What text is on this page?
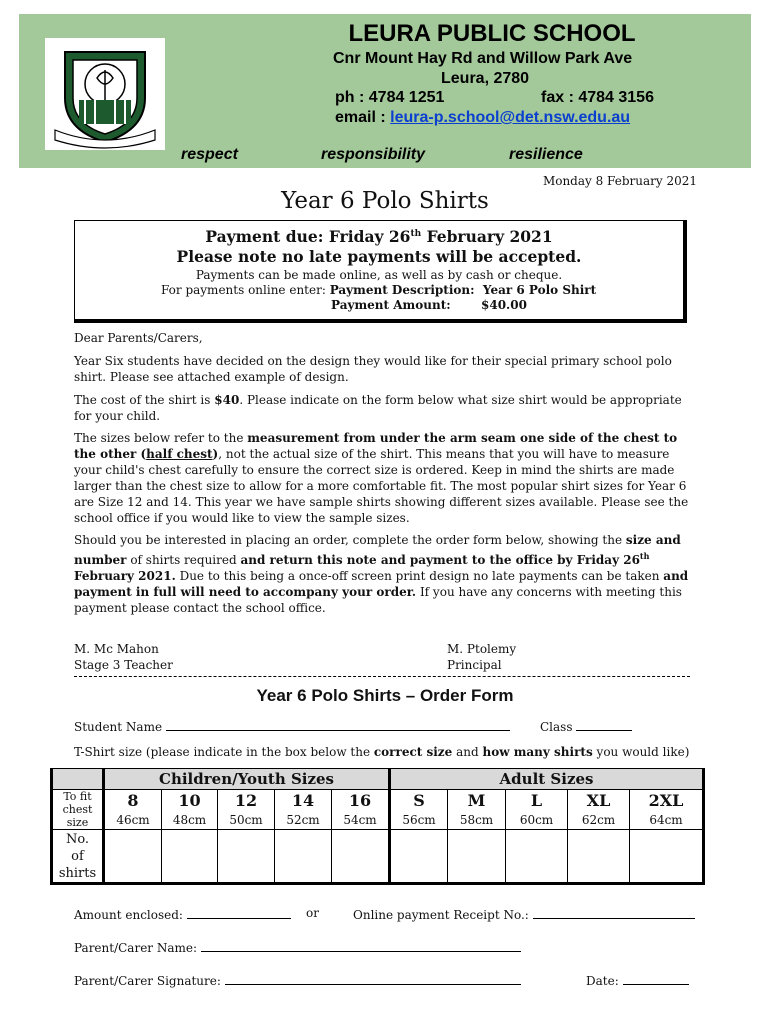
LEURA PUBLIC SCHOOL
Cnr Mount Hay Rd and Willow Park Ave
Leura, 2780
ph : 4784 1251	fax : 4784 3156
email : leura-p.school@det.nsw.edu.au
respect	responsibility	resilience
Monday 8 February 2021
Year 6 Polo Shirts
Payment due: Friday 26th February 2021
Please note no late payments will be accepted.
Payments can be made online, as well as by cash or cheque.
For payments online enter: Payment Description: Year 6 Polo Shirt
Payment Amount:	$40.00

Dear Parents/Carers,

Year Six students have decided on the design they would like for their special primary school polo shirt. Please see attached example of design.

The cost of the shirt is $40. Please indicate on the form below what size shirt would be appropriate for your child.

The sizes below refer to the measurement from under the arm seam one side of the chest to the other (half chest), not the actual size of the shirt. This means that you will have to measure your child's chest carefully to ensure the correct size is ordered. Keep in mind the shirts are made larger than the chest size to allow for a more comfortable fit. The most popular shirt sizes for Year 6 are Size 12 and 14. This year we have sample shirts showing different sizes available. Please see the school office if you would like to view the sample sizes.

Should you be interested in placing an order, complete the order form below, showing the size and number of shirts required and return this note and payment to the office by Friday 26th February 2021. Due to this being a once-off screen print design no late payments can be taken and payment in full will need to accompany your order. If you have any concerns with meeting this payment please contact the school office.

M. Mc Mahon
Stage 3 Teacher
M. Ptolemy
Principal
Year 6 Polo Shirts – Order Form
Student Name	Class
T-Shirt size (please indicate in the box below the correct size and how many shirts you would like)
	Children/Youth Sizes					Adult Sizes				

To fit
chest
size	8	10	12	14	16	S	M	L	XL	2XL
	46cm	48cm	50cm	52cm	54cm	56cm	58cm	60cm	62cm	64cm

No.
of
shirts										

Amount enclosed:	or	Online payment Receipt No.:
Parent/Carer Name:
Parent/Carer Signature:	Date:
